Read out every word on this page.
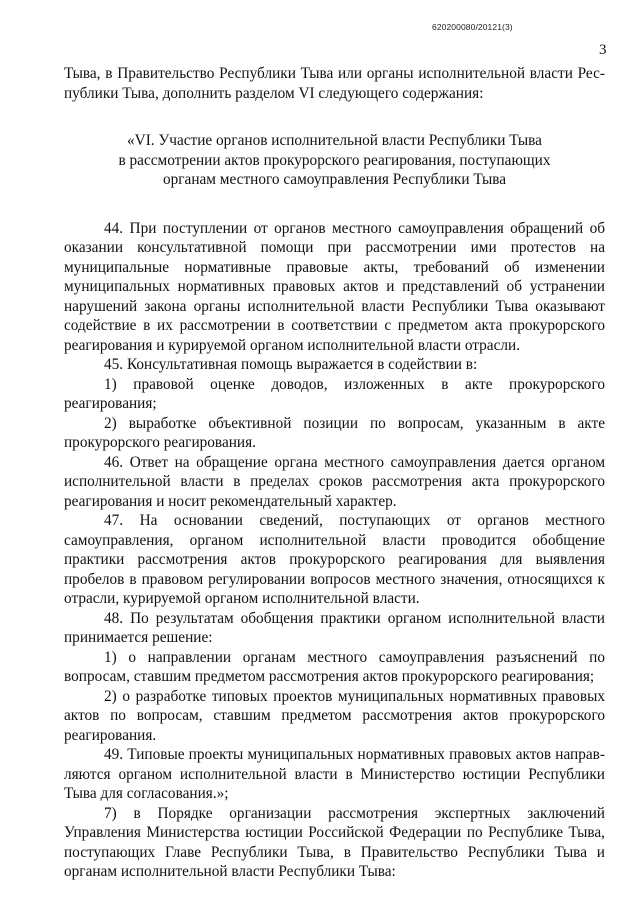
620200080/20121(3)
3

Тыва, в Правительство Республики Тыва или органы исполнительной власти Республики Тыва, дополнить разделом VI следующего содержания:

«VI. Участие органов исполнительной власти Республики Тыва
в рассмотрении актов прокурорского реагирования, поступающих
органам местного самоуправления Республики Тыва

44. При поступлении от органов местного самоуправления обращений об оказании консультативной помощи при рассмотрении ими протестов на муниципальные нормативные правовые акты, требований об изменении муниципальных нормативных правовых актов и представлений об устранении нарушений закона органы исполнительной власти Республики Тыва оказывают содействие в их рассмотрении в соответствии с предметом акта прокурорского реагирования и курируемой органом исполнительной власти отрасли.

45. Консультативная помощь выражается в содействии в:

1) правовой оценке доводов, изложенных в акте прокурорского реагирования;

2) выработке объективной позиции по вопросам, указанным в акте прокурорского реагирования.

46. Ответ на обращение органа местного самоуправления дается органом исполнительной власти в пределах сроков рассмотрения акта прокурорского реагирования и носит рекомендательный характер.

47. На основании сведений, поступающих от органов местного самоуправления, органом исполнительной власти проводится обобщение практики рассмотрения актов прокурорского реагирования для выявления пробелов в правовом регулировании вопросов местного значения, относящихся к отрасли, курируемой органом исполнительной власти.

48. По результатам обобщения практики органом исполнительной власти принимается решение:

1) о направлении органам местного самоуправления разъяснений по вопросам, ставшим предметом рассмотрения актов прокурорского реагирования;

2) о разработке типовых проектов муниципальных нормативных правовых актов по вопросам, ставшим предметом рассмотрения актов прокурорского реагирования.

49. Типовые проекты муниципальных нормативных правовых актов направляются органом исполнительной власти в Министерство юстиции Республики Тыва для согласования.»;

7) в Порядке организации рассмотрения экспертных заключений Управления Министерства юстиции Российской Федерации по Республике Тыва, поступающих Главе Республики Тыва, в Правительство Республики Тыва и органам исполнительной власти Республики Тыва:
